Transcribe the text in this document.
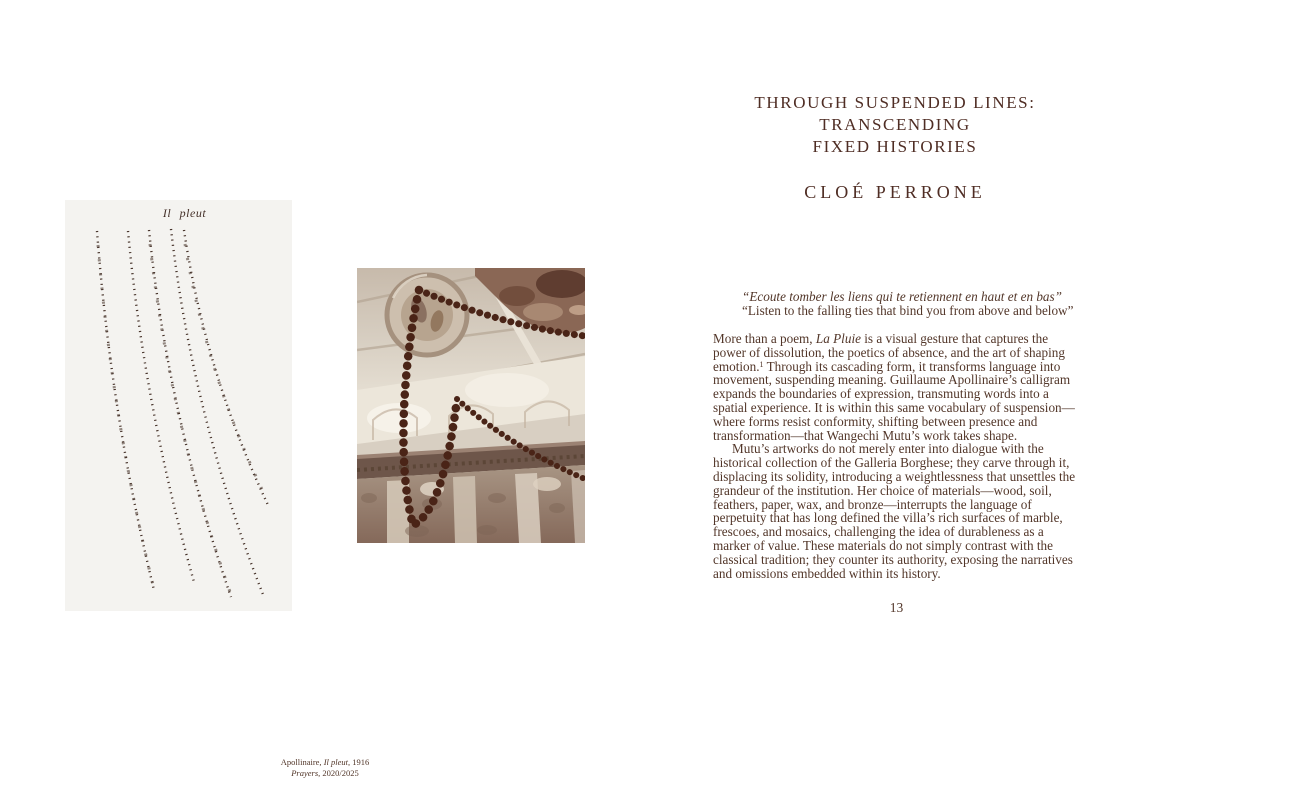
Il pleut
THROUGH SUSPENDED LINES:
TRANSCENDING
FIXED HISTORIES
CLOÉ PERRONE
“Ecoute tomber les liens qui te retiennent en haut et en bas”
“Listen to the falling ties that bind you from above and below”

More than a poem, La Pluie is a visual gesture that captures the power of dissolution, the poetics of absence, and the art of shaping emotion.$^1$ Through its cascading form, it transforms language into movement, suspending meaning. Guillaume Apollinaire’s calligram expands the boundaries of expression, transmuting words into a spatial experience. It is within this same vocabulary of suspension—where forms resist conformity, shifting between presence and transformation—that Wangechi Mutu’s work takes shape.

Mutu’s artworks do not merely enter into dialogue with the historical collection of the Galleria Borghese; they carve through it, displacing its solidity, introducing a weightlessness that unsettles the grandeur of the institution. Her choice of materials—wood, soil, feathers, paper, wax, and bronze—interrupts the language of perpetuity that has long defined the villa’s rich surfaces of marble, frescoes, and mosaics, challenging the idea of durableness as a marker of value. These materials do not simply contrast with the classical tradition; they counter its authority, exposing the narratives and omissions embedded within its history.

13
Apollinaire, Il pleut, 1916
Prayers, 2020/2025
